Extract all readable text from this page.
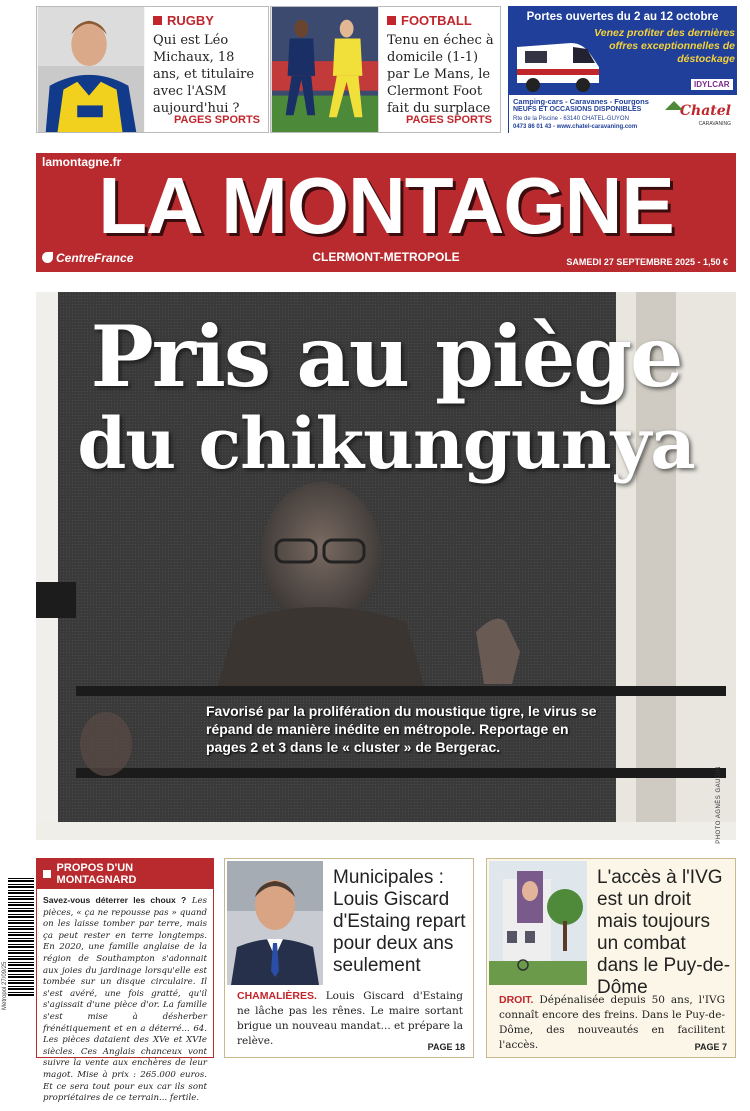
RUGBY
Qui est Léo Michaux, 18 ans, et titulaire avec l'ASM aujourd'hui ?
PAGES SPORTS
FOOTBALL
Tenu en échec à domicile (1-1) par Le Mans, le Clermont Foot fait du surplace
PAGES SPORTS
Portes ouvertes du 2 au 12 octobre
Venez profiter des dernières offres exceptionnelles de déstockage
Camping-cars - Caravanes - Fourgons
NEUFS ET OCCASIONS DISPONIBLES
Rte de la Piscine - 63140 CHATEL-GUYON
0473 86 01 43 - www.chatel-caravaning.com
IDYLCAR
Chatel
CARAVANING
lamontagne.fr
LA MONTAGNE
CentreFrance	CLERMONT-METROPOLE	SAMEDI 27 SEPTEMBRE 2025 - 1,50 €
Pris au piège
du chikungunya
Favorisé par la prolifération du moustique tigre, le virus se répand de manière inédite en métropole. Reportage en pages 2 et 3 dans le « cluster » de Bergerac.
PHOTO AGNÈS GAUDIN
Metropol 27/09/25
PROPOS D'UN MONTAGNARD
Savez-vous déterrer les choux ? Les pièces, « ça ne repousse pas » quand on les laisse tomber par terre, mais ça peut rester en terre longtemps. En 2020, une famille anglaise de la région de Southampton s'adonnait aux joies du jardinage lorsqu'elle est tombée sur un disque circulaire. Il s'est avéré, une fois gratté, qu'il s'agissait d'une pièce d'or. La famille s'est mise à désherber frénétiquement et en a déterré... 64. Les pièces dataient des XVe et XVIe siècles. Ces Anglais chanceux vont suivre la vente aux enchères de leur magot. Mise à prix : 265.000 euros. Et ce sera tout pour eux car ils sont propriétaires de ce terrain... fertile.
Municipales : Louis Giscard d'Estaing repart pour deux ans seulement
CHAMALIÈRES. Louis Giscard d'Estaing ne lâche pas les rênes. Le maire sortant brigue un nouveau mandat... et prépare la relève.	PAGE 18
L'accès à l'IVG est un droit mais toujours un combat dans le Puy-de-Dôme
DROIT. Dépénalisée depuis 50 ans, l'IVG connaît encore des freins. Dans le Puy-de-Dôme, des nouveautés en facilitent l'accès.	PAGE 7
